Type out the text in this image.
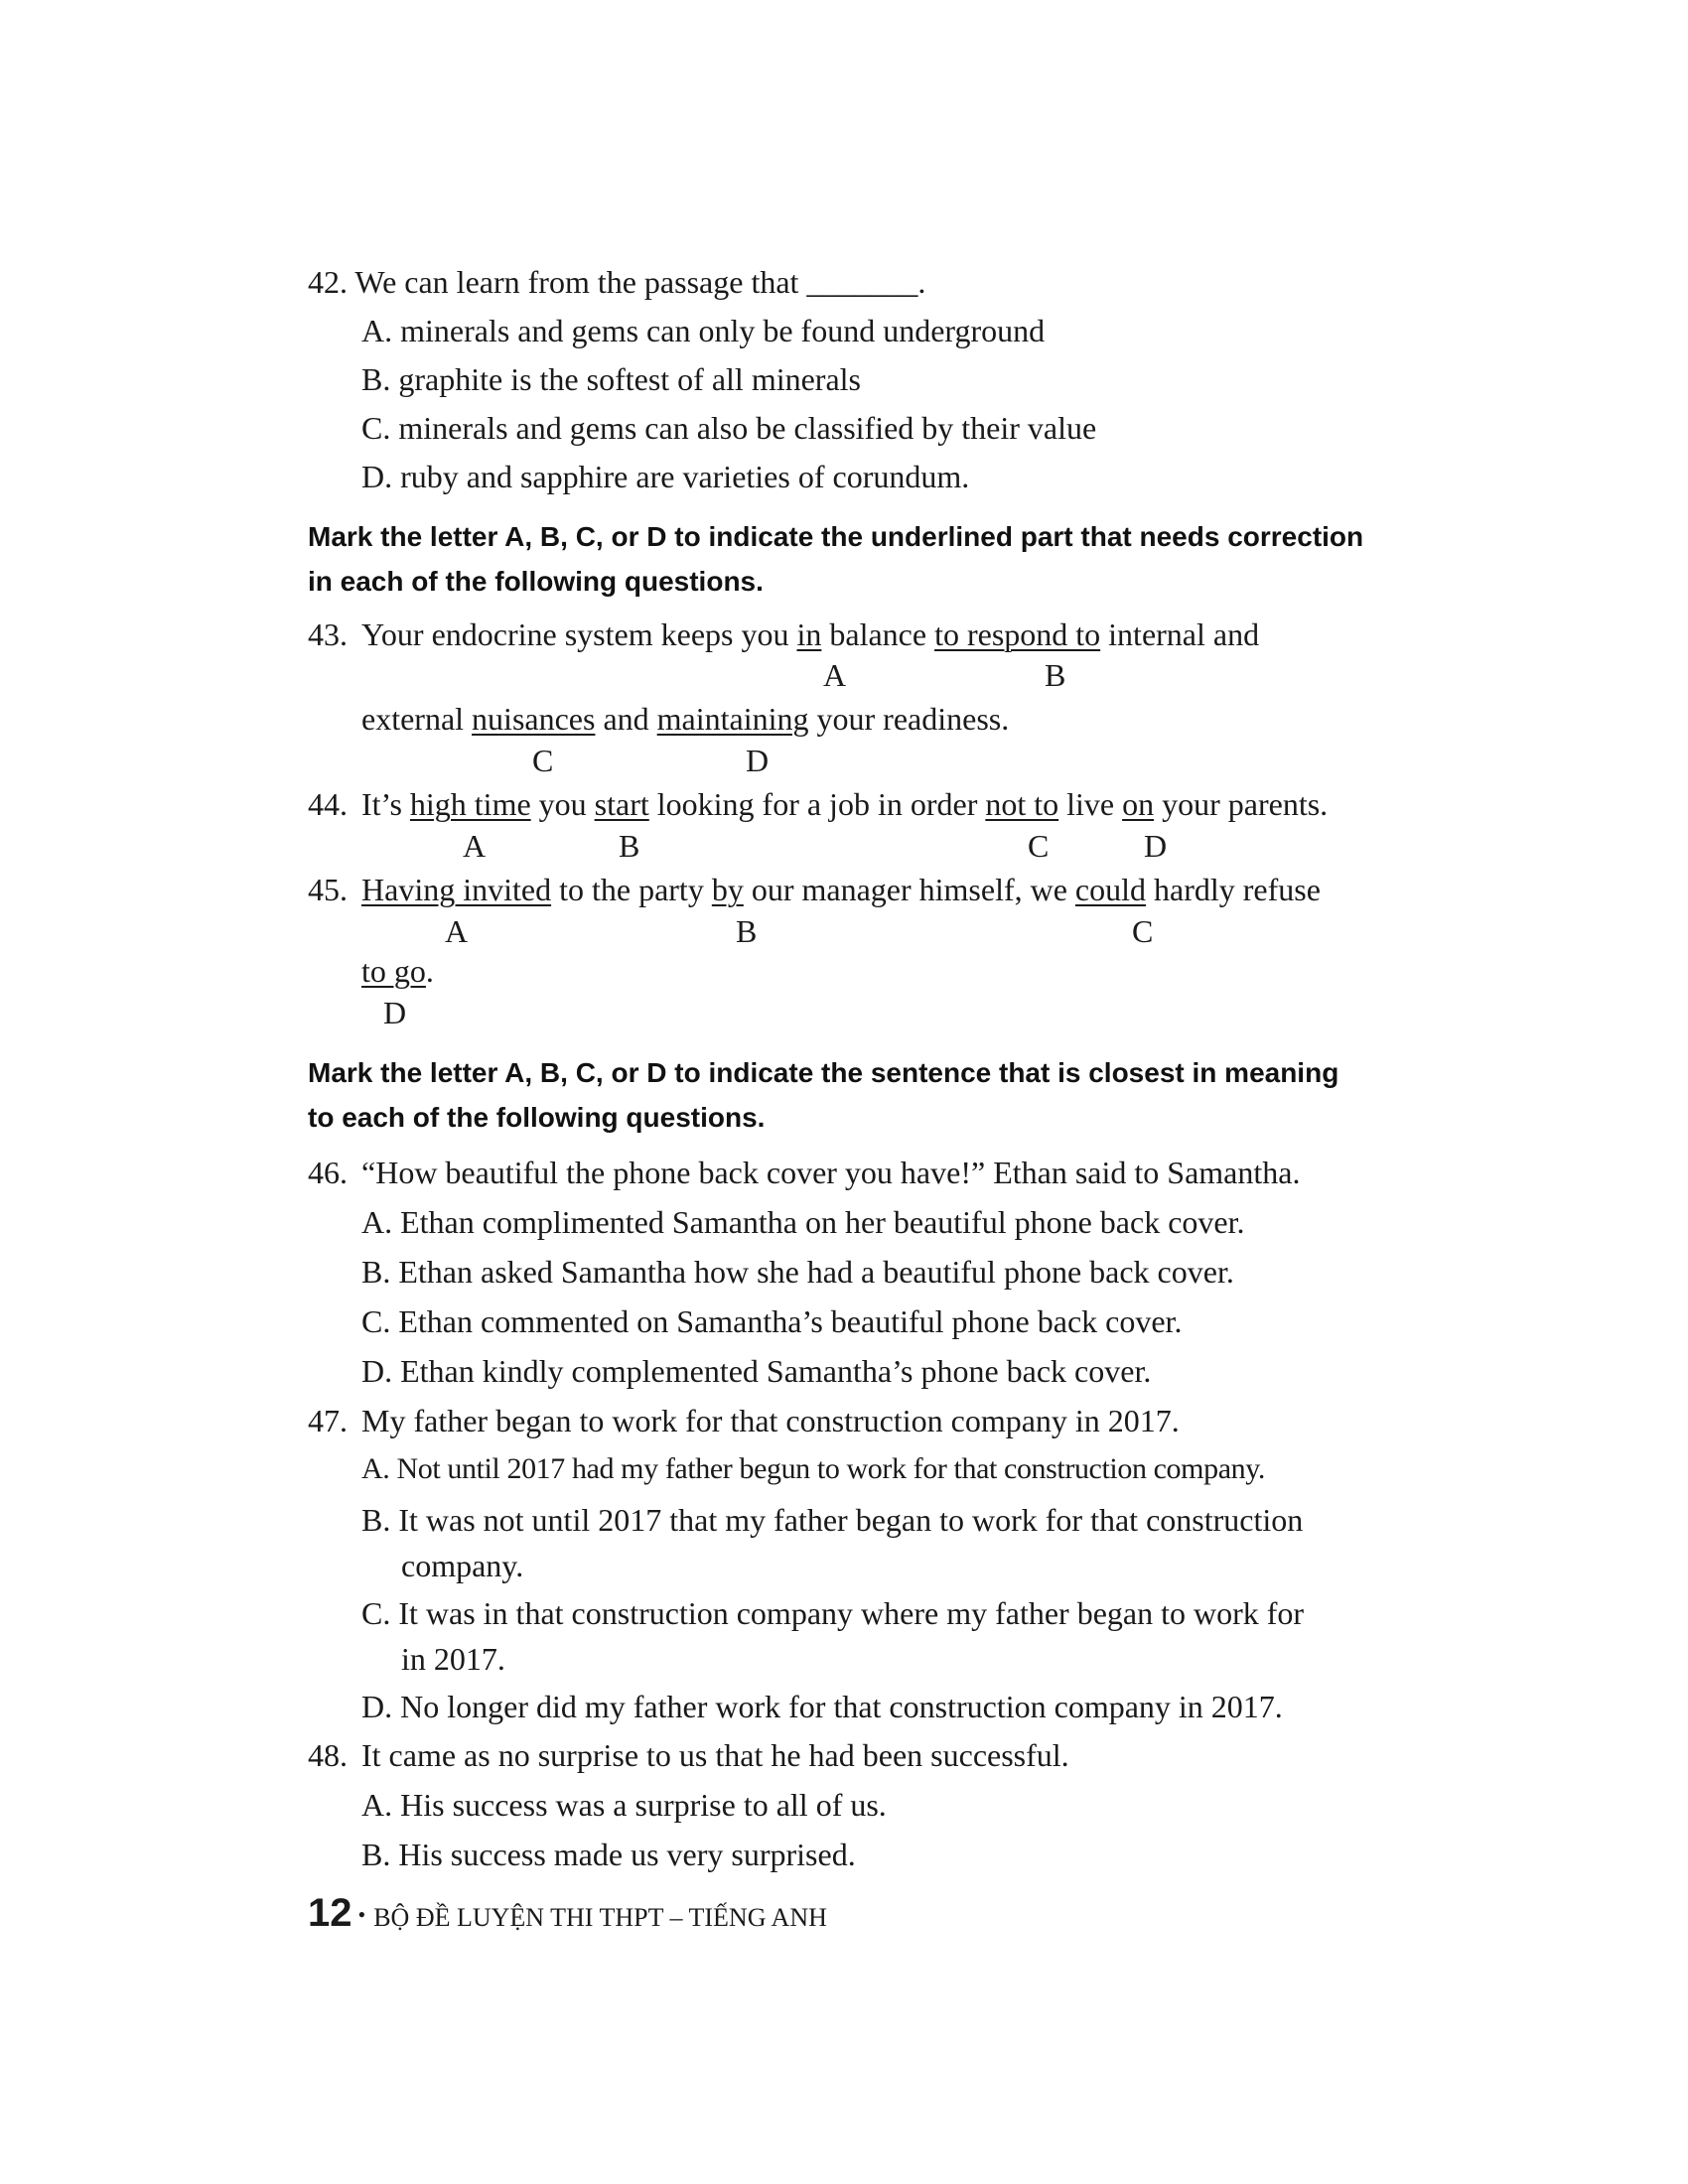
42. We can learn from the passage that _______.
A. minerals and gems can only be found underground
B. graphite is the softest of all minerals
C. minerals and gems can also be classified by their value
D. ruby and sapphire are varieties of corundum.
Mark the letter A, B, C, or D to indicate the underlined part that needs correction
in each of the following questions.
43. Your endocrine system keeps you in balance to respond to internal and
A	B
external nuisances and maintaining your readiness.
C	D
44. It’s high time you start looking for a job in order not to live on your parents.
A	B	C	D
45. Having invited to the party by our manager himself, we could hardly refuse
A	B	C
to go.
D
Mark the letter A, B, C, or D to indicate the sentence that is closest in meaning
to each of the following questions.
46. “How beautiful the phone back cover you have!” Ethan said to Samantha.
A. Ethan complimented Samantha on her beautiful phone back cover.
B. Ethan asked Samantha how she had a beautiful phone back cover.
C. Ethan commented on Samantha’s beautiful phone back cover.
D. Ethan kindly complemented Samantha’s phone back cover.
47. My father began to work for that construction company in 2017.
A. Not until 2017 had my father begun to work for that construction company.
B. It was not until 2017 that my father began to work for that construction
company.
C. It was in that construction company where my father began to work for
in 2017.
D. No longer did my father work for that construction company in 2017.
48. It came as no surprise to us that he had been successful.
A. His success was a surprise to all of us.
B. His success made us very surprised.
12 • BỘ ĐỀ LUYỆN THI THPT – TIẾNG ANH
